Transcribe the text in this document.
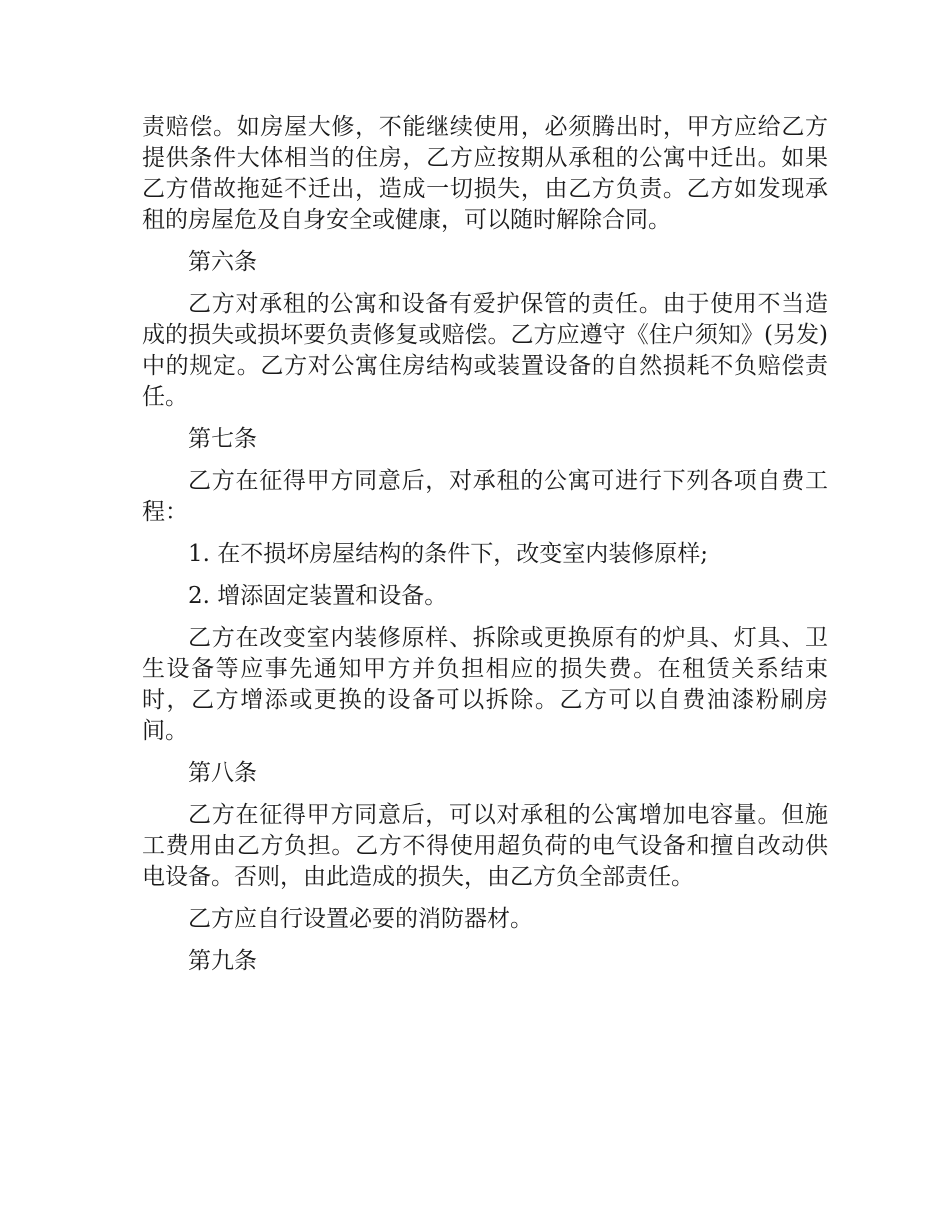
责赔偿。如房屋大修，不能继续使用，必须腾出时，甲方应给乙方提供条件大体相当的住房，乙方应按期从承租的公寓中迁出。如果乙方借故拖延不迁出，造成一切损失，由乙方负责。乙方如发现承租的房屋危及自身安全或健康，可以随时解除合同。

第六条

乙方对承租的公寓和设备有爱护保管的责任。由于使用不当造成的损失或损坏要负责修复或赔偿。乙方应遵守《住户须知》(另发)中的规定。乙方对公寓住房结构或装置设备的自然损耗不负赔偿责任。

第七条

乙方在征得甲方同意后，对承租的公寓可进行下列各项自费工程：

1. 在不损坏房屋结构的条件下，改变室内装修原样;

2. 增添固定装置和设备。

乙方在改变室内装修原样、拆除或更换原有的炉具、灯具、卫生设备等应事先通知甲方并负担相应的损失费。在租赁关系结束时，乙方增添或更换的设备可以拆除。乙方可以自费油漆粉刷房间。

第八条

乙方在征得甲方同意后，可以对承租的公寓增加电容量。但施工费用由乙方负担。乙方不得使用超负荷的电气设备和擅自改动供电设备。否则，由此造成的损失，由乙方负全部责任。

乙方应自行设置必要的消防器材。

第九条
